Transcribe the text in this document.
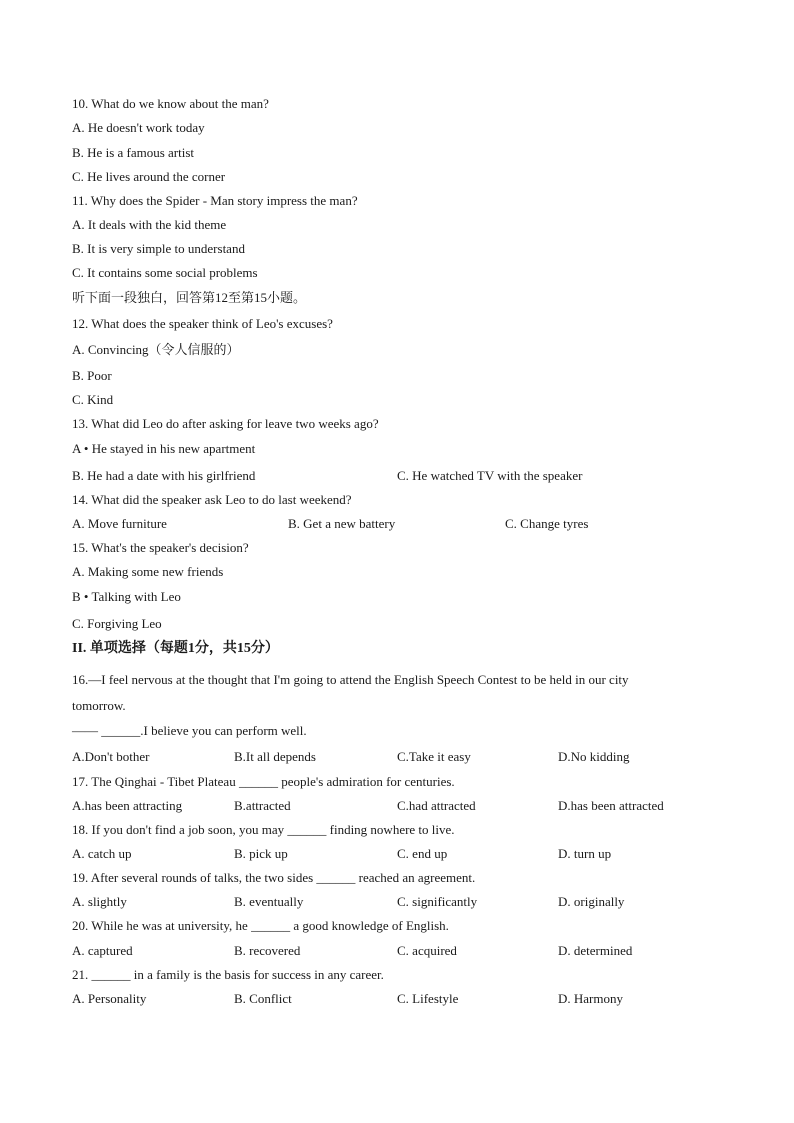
10. What do we know about the man?
A. He doesn't work today
B. He is a famous artist
C. He lives around the corner
11. Why does the Spider - Man story impress the man?
A. It deals with the kid theme
B. It is very simple to understand
C. It contains some social problems
听下面一段独白，回答第12至第15小题。
12. What does the speaker think of Leo's excuses?
A. Convincing（令人信服的）
B. Poor
C. Kind
13. What did Leo do after asking for leave two weeks ago?
A • He stayed in his new apartment
B. He had a date with his girlfriend	C. He watched TV with the speaker
14. What did the speaker ask Leo to do last weekend?
A. Move furniture	B. Get a new battery	C. Change tyres
15. What's the speaker's decision?
A. Making some new friends
B • Talking with Leo
C. Forgiving Leo
II. 单项选择（每题1分，共15分）
16.—I feel nervous at the thought that I'm going to attend the English Speech Contest to be held in our city
tomorrow.
—— ______.I believe you can perform well.
A.Don't bother	B.It all depends	C.Take it easy	D.No kidding
17. The Qinghai - Tibet Plateau ______ people's admiration for centuries.
A.has been attracting	B.attracted	C.had attracted	D.has been attracted
18. If you don't find a job soon, you may ______ finding nowhere to live.
A. catch up	B. pick up	C. end up	D. turn up
19. After several rounds of talks, the two sides ______ reached an agreement.
A. slightly	B. eventually	C. significantly	D. originally
20. While he was at university, he ______ a good knowledge of English.
A. captured	B. recovered	C. acquired	D. determined
21. ______ in a family is the basis for success in any career.
A. Personality	B. Conflict	C. Lifestyle	D. Harmony
